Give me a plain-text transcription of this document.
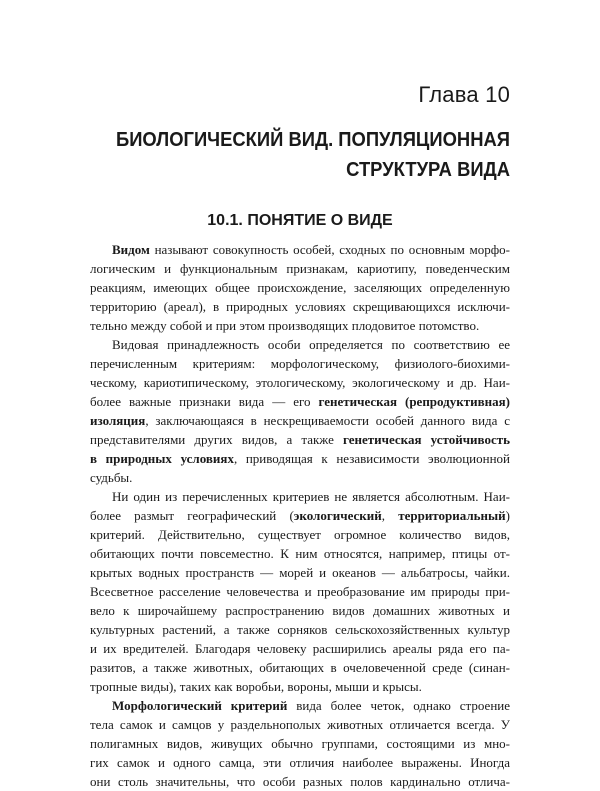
Глава 10
БИОЛОГИЧЕСКИЙ ВИД. ПОПУЛЯЦИОННАЯ
СТРУКТУРА ВИДА
10.1. ПОНЯТИЕ О ВИДЕ
Видом называют совокупность особей, сходных по основным морфо-
логическим и функциональным признакам, кариотипу, поведенческим
реакциям, имеющих общее происхождение, заселяющих определенную
территорию (ареал), в природных условиях скрещивающихся исключи-
тельно между собой и при этом производящих плодовитое потомство.
Видовая принадлежность особи определяется по соответствию ее
перечисленным критериям: морфологическому, физиолого-биохими-
ческому, кариотипическому, этологическому, экологическому и др. Наи-
более важные признаки вида — его генетическая (репродуктивная)
изоляция, заключающаяся в нескрещиваемости особей данного вида с
представителями других видов, а также генетическая устойчивость
в природных условиях, приводящая к независимости эволюционной
судьбы.
Ни один из перечисленных критериев не является абсолютным. Наи-
более размыт географический (экологический, территориальный)
критерий. Действительно, существует огромное количество видов,
обитающих почти повсеместно. К ним относятся, например, птицы от-
крытых водных пространств — морей и океанов — альбатросы, чайки.
Всесветное расселение человечества и преобразование им природы при-
вело к широчайшему распространению видов домашних животных и
культурных растений, а также сорняков сельскохозяйственных культур
и их вредителей. Благодаря человеку расширились ареалы ряда его па-
разитов, а также животных, обитающих в очеловеченной среде (синан-
тропные виды), таких как воробьи, вороны, мыши и крысы.
Морфологический критерий вида более четок, однако строение
тела самок и самцов у раздельнополых животных отличается всегда. У
полигамных видов, живущих обычно группами, состоящими из мно-
гих самок и одного самца, эти отличия наиболее выражены. Иногда
они столь значительны, что особи разных полов кардинально отлича-
